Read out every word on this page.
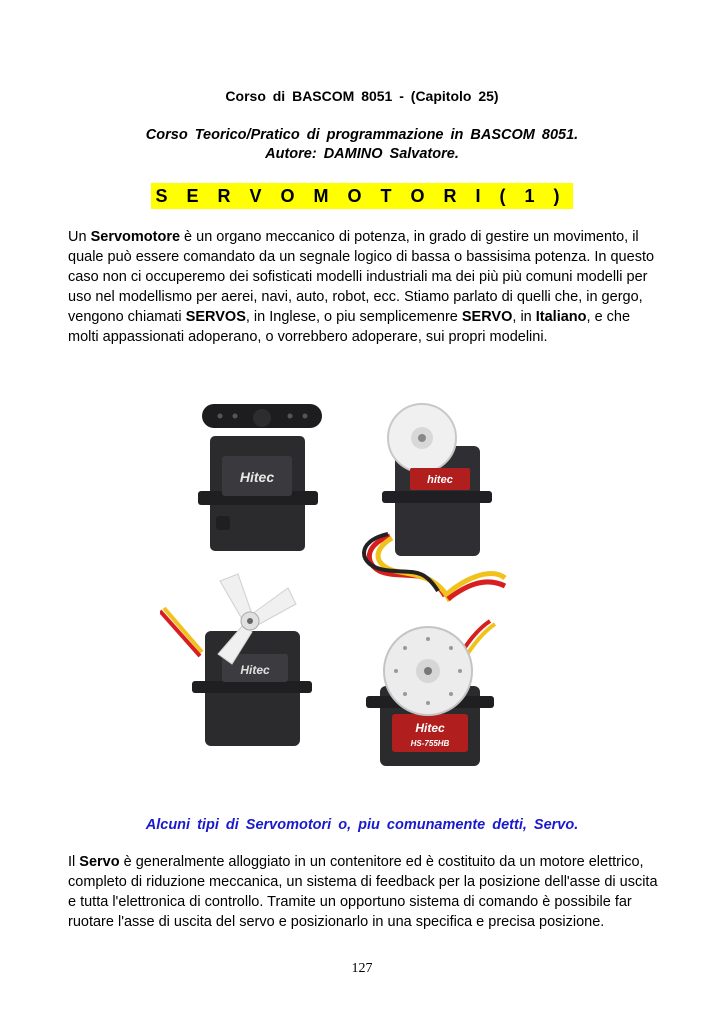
Corso di BASCOM 8051 - (Capitolo 25)
Corso Teorico/Pratico di programmazione in BASCOM 8051.
Autore: DAMINO Salvatore.
S E R V O M O T O R I ( 1 )

Un Servomotore è un organo meccanico di potenza, in grado di gestire un movimento, il quale può essere comandato da un segnale logico di bassa o bassisima potenza. In questo caso non ci occuperemo dei sofisticati modelli industriali ma dei più più comuni modelli per uso nel modellismo per aerei, navi, auto, robot, ecc. Stiamo parlato di quelli che, in gergo, vengono chiamati SERVOS, in Inglese, o piu semplicemenre SERVO, in Italiano, e che molti appassionati adoperano, o vorrebbero adoperare, sui propri modelini.

Hitec	hitec
Hitec
Hitec
HS-755HB
Alcuni tipi di Servomotori o, piu comunamente detti, Servo.

Il Servo è generalmente alloggiato in un contenitore ed è costituito da un motore elettrico, completo di riduzione meccanica, un sistema di feedback per la posizione dell'asse di uscita e tutta l'elettronica di controllo. Tramite un opportuno sistema di comando è possibile far ruotare l'asse di uscita del servo e posizionarlo in una specifica e precisa posizione.

127
